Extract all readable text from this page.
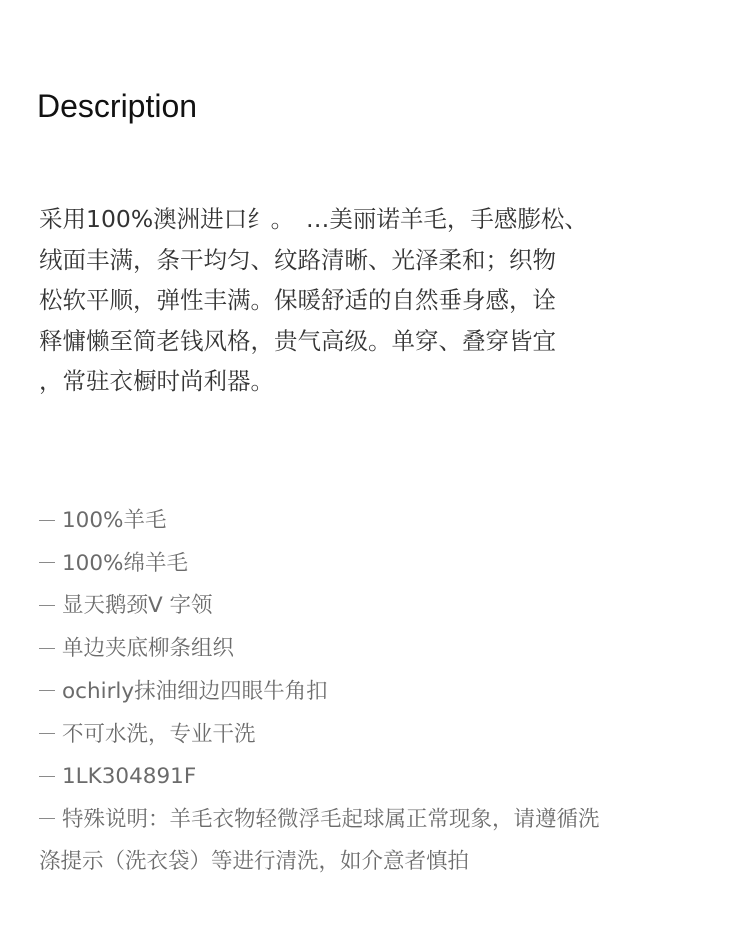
Description

采用100%澳洲进口纟。　…美丽诺羊毛，手感膨松、
绒面丰满，条干均匀、纹路清晰、光泽柔和；织物
松软平顺，弹性丰满。保暖舒适的自然垂身感，诠
释慵懒至简老钱风格，贵气高级。单穿、叠穿皆宜
，常驻衣橱时尚利器。

100%羊毛
100%绵羊毛
显天鹅颈V 字领
单边夹底柳条组织
ochirly抹油细边四眼牛角扣
不可水洗，专业干洗
1LK304891F
特殊说明：羊毛衣物轻微浮毛起球属正常现象，请遵循洗
涤提示（洗衣袋）等进行清洗，如介意者慎拍
